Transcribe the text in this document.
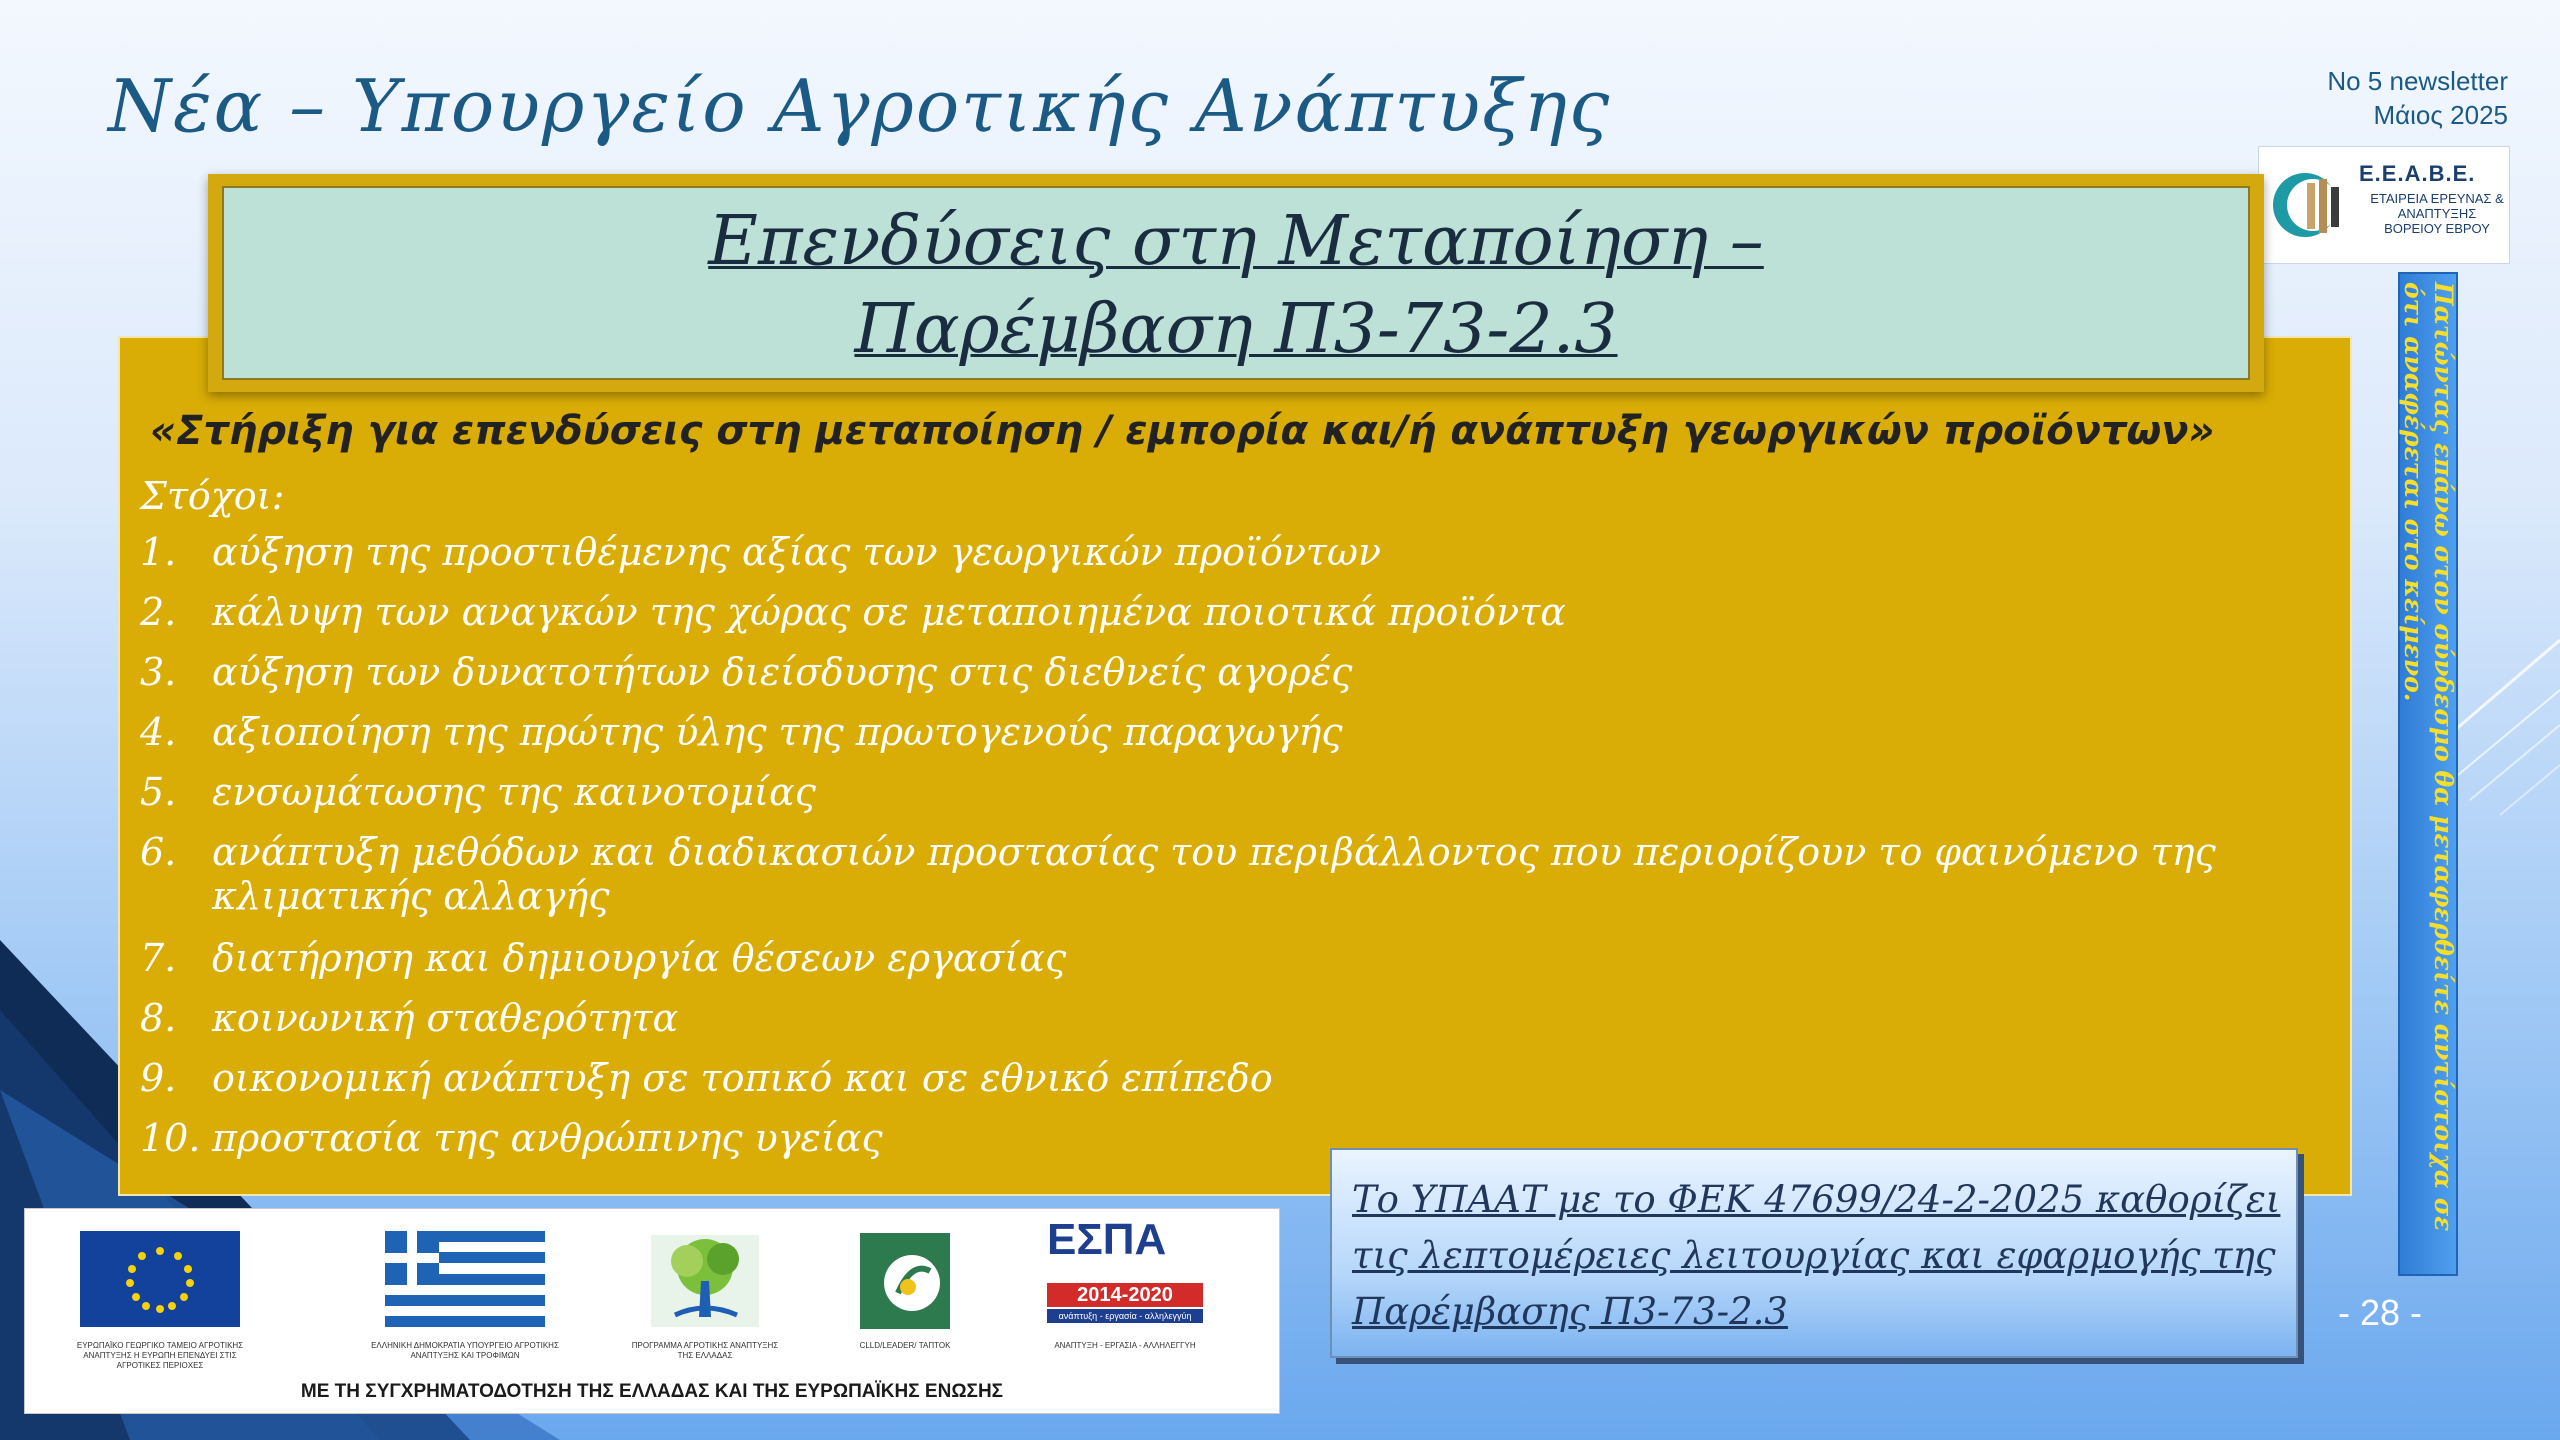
Νέα – Υπουργείο Αγροτικής Ανάπτυξης	Νο 5 newsletter
Μάιος 2025
Ε.Ε.Α.Β.Ε.
ΕΤΑΙΡΕΙΑ ΕΡΕΥΝΑΣ & ΑΝΑΠΤΥΞΗΣ ΒΟΡΕΙΟΥ ΕΒΡΟΥ
Επενδύσεις στη Μεταποίηση –
Παρέμβαση Π3-73-2.3
«Στήριξη για επενδύσεις στη μεταποίηση / εμπορία και/ή ανάπτυξη γεωργικών προϊόντων»
Στόχοι:
1. αύξηση της προστιθέμενης αξίας των γεωργικών προϊόντων
2. κάλυψη των αναγκών της χώρας σε μεταποιημένα ποιοτικά προϊόντα
3. αύξηση των δυνατοτήτων διείσδυσης στις διεθνείς αγορές
4. αξιοποίηση της πρώτης ύλης της πρωτογενούς παραγωγής
5. ενσωμάτωσης της καινοτομίας
6. ανάπτυξη μεθόδων και διαδικασιών προστασίας του περιβάλλοντος που περιορίζουν το φαινόμενο της κλιματικής αλλαγής
7. διατήρηση και δημιουργία θέσεων εργασίας
8. κοινωνική σταθερότητα
9. οικονομική ανάπτυξη σε τοπικό και σε εθνικό επίπεδο
10. προστασία της ανθρώπινης υγείας	Πατώντας επάνω στον σύνδεσμο θα μεταφερθείτε αντίστοιχα σε ότι αναφέρεται στο κείμενο.
Το ΥΠΑΑΤ με το ΦΕΚ 47699/24-2-2025 καθορίζει τις λεπτομέρειες λειτουργίας και εφαρμογής της Παρέμβασης Π3-73-2.3	- 28 -
ΕΥΡΩΠΑΪΚΟ ΓΕΩΡΓΙΚΟ ΤΑΜΕΙΟ ΑΓΡΟΤΙΚΗΣ ΑΝΑΠΤΥΞΗΣ Η ΕΥΡΩΠΗ ΕΠΕΝΔΥΕΙ ΣΤΙΣ ΑΓΡΟΤΙΚΕΣ ΠΕΡΙΟΧΕΣ
ΕΛΛΗΝΙΚΗ ΔΗΜΟΚΡΑΤΙΑ ΥΠΟΥΡΓΕΙΟ ΑΓΡΟΤΙΚΗΣ ΑΝΑΠΤΥΞΗΣ ΚΑΙ ΤΡΟΦΙΜΩΝ
ΠΡΟΓΡΑΜΜΑ ΑΓΡΟΤΙΚΗΣ ΑΝΑΠΤΥΞΗΣ ΤΗΣ ΕΛΛΑΔΑΣ
CLLD/LEADER/ ΤΑΠΤΟΚ
ΕΣΠΑ
2014-2020
ανάπτυξη - εργασία - αλληλεγγύη
ΑΝΑΠΤΥΞΗ - ΕΡΓΑΣΙΑ - ΑΛΛΗΛΕΓΓΥΗ
ΜΕ ΤΗ ΣΥΓΧΡΗΜΑΤΟΔΟΤΗΣΗ ΤΗΣ ΕΛΛΑΔΑΣ ΚΑΙ ΤΗΣ ΕΥΡΩΠΑΪΚΗΣ ΕΝΩΣΗΣ
